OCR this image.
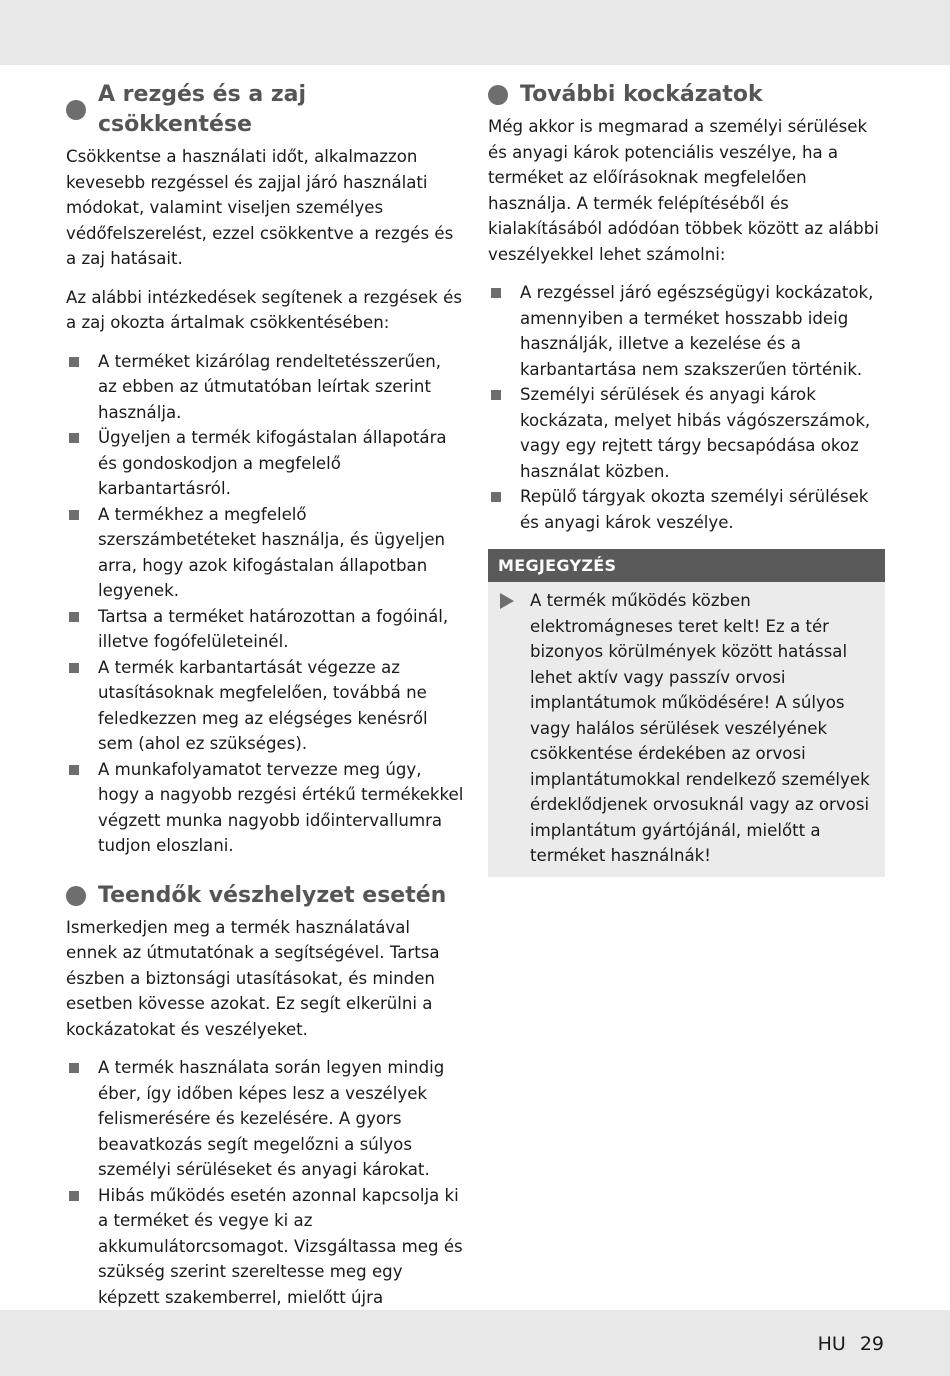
A rezgés és a zaj csökkentése

Csökkentse a használati időt, alkalmazzon kevesebb rezgéssel és zajjal járó használati módokat, valamint viseljen személyes védőfelszerelést, ezzel csökkentve a rezgés és a zaj hatásait.

Az alábbi intézkedések segítenek a rezgések és a zaj okozta ártalmak csökkentésében:

A terméket kizárólag rendeltetésszerűen, az ebben az útmutatóban leírtak szerint használja.
Ügyeljen a termék kifogástalan állapotára és gondoskodjon a megfelelő karbantartásról.
A termékhez a megfelelő szerszámbetéteket használja, és ügyeljen arra, hogy azok kifogástalan állapotban legyenek.
Tartsa a terméket határozottan a fogóinál, illetve fogófelületeinél.
A termék karbantartását végezze az utasításoknak megfelelően, továbbá ne feledkezzen meg az elégséges kenésről sem (ahol ez szükséges).
A munkafolyamatot tervezze meg úgy, hogy a nagyobb rezgési értékű termékekkel végzett munka nagyobb időintervallumra tudjon eloszlani.
Teendők vészhelyzet esetén

Ismerkedjen meg a termék használatával ennek az útmutatónak a segítségével. Tartsa észben a biztonsági utasításokat, és minden esetben kövesse azokat. Ez segít elkerülni a kockázatokat és veszélyeket.

A termék használata során legyen mindig éber, így időben képes lesz a veszélyek felismerésére és kezelésére. A gyors beavatkozás segít megelőzni a súlyos személyi sérüléseket és anyagi károkat.
Hibás működés esetén azonnal kapcsolja ki a terméket és vegye ki az akkumulátorcsomagot. Vizsgáltassa meg és szükség szerint szereltesse meg egy képzett szakemberrel, mielőtt újra
További kockázatok

Még akkor is megmarad a személyi sérülések és anyagi károk potenciális veszélye, ha a terméket az előírásoknak megfelelően használja. A termék felépítéséből és kialakításából adódóan többek között az alábbi veszélyekkel lehet számolni:

A rezgéssel járó egészségügyi kockázatok, amennyiben a terméket hosszabb ideig használják, illetve a kezelése és a karbantartása nem szakszerűen történik.
Személyi sérülések és anyagi károk kockázata, melyet hibás vágószerszámok, vagy egy rejtett tárgy becsapódása okoz használat közben.
Repülő tárgyak okozta személyi sérülések és anyagi károk veszélye.
MEGJEGYZÉS
A termék működés közben elektromágneses teret kelt! Ez a tér bizonyos körülmények között hatással lehet aktív vagy passzív orvosi implantátumok működésére! A súlyos vagy halálos sérülések veszélyének csökkentése érdekében az orvosi implantátumokkal rendelkező személyek érdeklődjenek orvosuknál vagy az orvosi implantátum gyártójánál, mielőtt a terméket használnák!
HU 29
